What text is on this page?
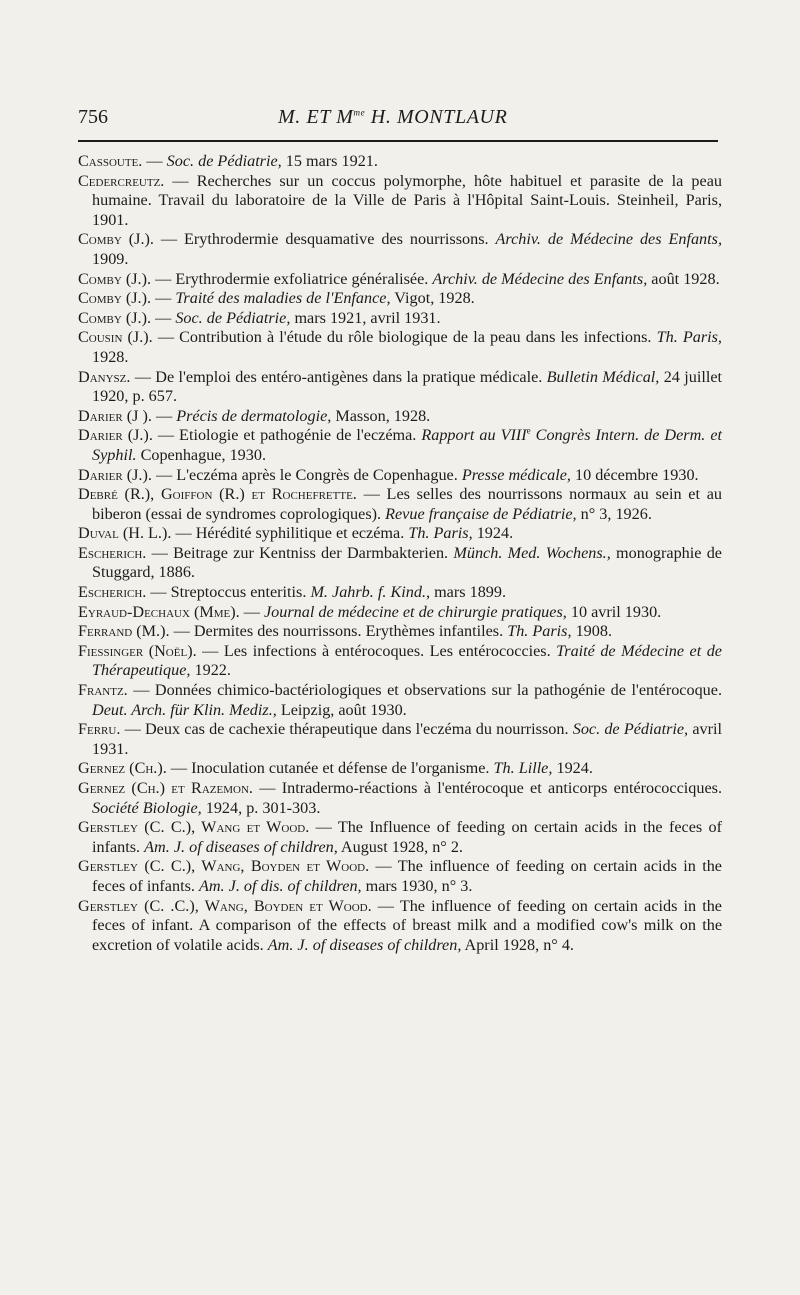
756	M. ET $M^{me}$ H. MONTLAUR

Cassoute. — Soc. de Pédiatrie, 15 mars 1921.

Cedercreutz. — Recherches sur un coccus polymorphe, hôte habituel et parasite de la peau humaine. Travail du laboratoire de la Ville de Paris à l'Hôpital Saint-Louis. Steinheil, Paris, 1901.

Comby (J.). — Erythrodermie desquamative des nourrissons. Archiv. de Médecine des Enfants, 1909.

Comby (J.). — Erythrodermie exfoliatrice généralisée. Archiv. de Médecine des Enfants, août 1928.

Comby (J.). — Traité des maladies de l'Enfance, Vigot, 1928.

Comby (J.). — Soc. de Pédiatrie, mars 1921, avril 1931.

Cousin (J.). — Contribution à l'étude du rôle biologique de la peau dans les infections. Th. Paris, 1928.

Danysz. — De l'emploi des entéro-antigènes dans la pratique médicale. Bulletin Médical, 24 juillet 1920, p. 657.

Darier (J ). — Précis de dermatologie, Masson, 1928.

Darier (J.). — Etiologie et pathogénie de l'eczéma. Rapport au VIIIe Congrès Intern. de Derm. et Syphil. Copenhague, 1930.

Darier (J.). — L'eczéma après le Congrès de Copenhague. Presse médicale, 10 décembre 1930.

Debré (R.), Goiffon (R.) et Rochefrette. — Les selles des nourrissons normaux au sein et au biberon (essai de syndromes coprologiques). Revue française de Pédiatrie, n° 3, 1926.

Duval (H. L.). — Hérédité syphilitique et eczéma. Th. Paris, 1924.

Escherich. — Beitrage zur Kentniss der Darmbakterien. Münch. Med. Wochens., monographie de Stuggard, 1886.

Escherich. — Streptoccus enteritis. M. Jahrb. f. Kind., mars 1899.

Eyraud-Dechaux (Mme). — Journal de médecine et de chirurgie pratiques, 10 avril 1930.

Ferrand (M.). — Dermites des nourrissons. Erythèmes infantiles. Th. Paris, 1908.

Fiessinger (Noël). — Les infections à entérocoques. Les entérococcies. Traité de Médecine et de Thérapeutique, 1922.

Frantz. — Données chimico-bactériologiques et observations sur la pathogénie de l'entérocoque. Deut. Arch. für Klin. Mediz., Leipzig, août 1930.

Ferru. — Deux cas de cachexie thérapeutique dans l'eczéma du nourrisson. Soc. de Pédiatrie, avril 1931.

Gernez (Ch.). — Inoculation cutanée et défense de l'organisme. Th. Lille, 1924.

Gernez (Ch.) et Razemon. — Intradermo-réactions à l'entérocoque et anticorps entérococciques. Société Biologie, 1924, p. 301-303.

Gerstley (C. C.), Wang et Wood. — The Influence of feeding on certain acids in the feces of infants. Am. J. of diseases of children, August 1928, n° 2.

Gerstley (C. C.), Wang, Boyden et Wood. — The influence of feeding on certain acids in the feces of infants. Am. J. of dis. of children, mars 1930, n° 3.

Gerstley (C. .C.), Wang, Boyden et Wood. — The influence of feeding on certain acids in the feces of infant. A comparison of the effects of breast milk and a modified cow's milk on the excretion of volatile acids. Am. J. of diseases of children, April 1928, n° 4.
